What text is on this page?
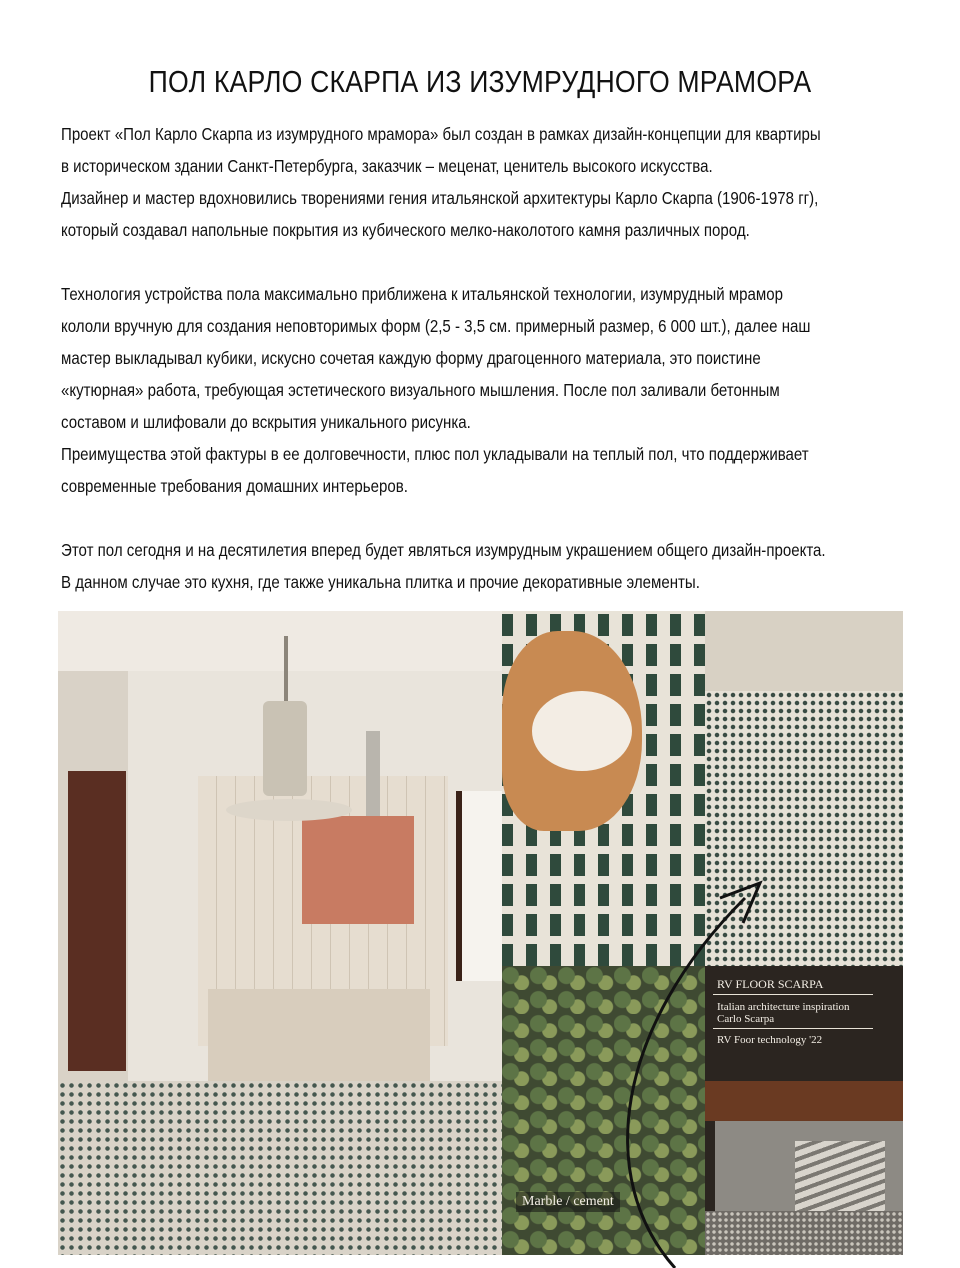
ПОЛ КАРЛО СКАРПА ИЗ ИЗУМРУДНОГО МРАМОРА

Проект «Пол Карло Скарпа из изумрудного мрамора» был создан в рамках дизайн-концепции для квартиры

в историческом здании Санкт-Петербурга, заказчик – меценат, ценитель высокого искусства.

Дизайнер и мастер вдохновились творениями гения итальянской архитектуры Карло Скарпа (1906-1978 гг),

который создавал напольные покрытия из кубического мелко-наколотого камня различных пород.

Технология устройства пола максимально приближена к итальянской технологии, изумрудный мрамор

кололи вручную для создания неповторимых форм (2,5 - 3,5 см. примерный размер, 6 000 шт.), далее наш

мастер выкладывал кубики, искусно сочетая каждую форму драгоценного материала, это поистине

«кутюрная» работа, требующая эстетического визуального мышления. После пол заливали бетонным

составом и шлифовали до вскрытия уникального рисунка.

Преимущества этой фактуры в ее долговечности, плюс пол укладывали на теплый пол, что поддерживает

современные требования домашних интерьеров.

Этот пол сегодня и на десятилетия вперед будет являться изумрудным украшением общего дизайн-проекта.

В данном случае это кухня, где также уникальна плитка и прочие декоративные элементы.

Marble / cement
RV FLOOR SCARPA
Italian architecture inspiration
Carlo Scarpa
RV Foor technology '22
